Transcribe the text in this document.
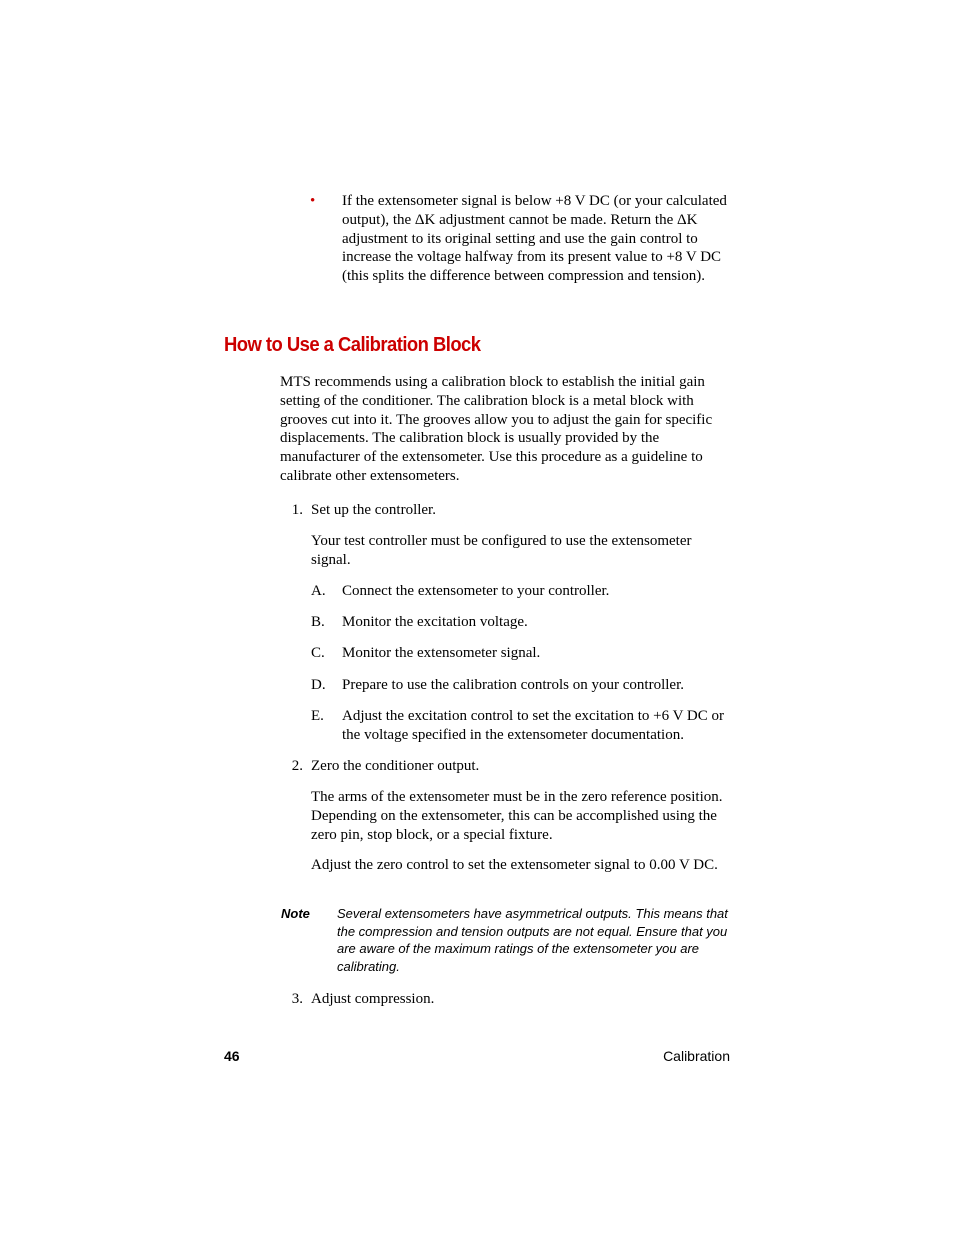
• If the extensometer signal is below +8 V DC (or your calculated output), the ΔK adjustment cannot be made. Return the ΔK adjustment to its original setting and use the gain control to increase the voltage halfway from its present value to +8 V DC (this splits the difference between compression and tension).
How to Use a Calibration Block
MTS recommends using a calibration block to establish the initial gain setting of the conditioner. The calibration block is a metal block with grooves cut into it. The grooves allow you to adjust the gain for specific displacements. The calibration block is usually provided by the manufacturer of the extensometer. Use this procedure as a guideline to calibrate other extensometers.
1. Set up the controller.
Your test controller must be configured to use the extensometer signal.
A.	Connect the extensometer to your controller.
B.	Monitor the excitation voltage.
C.	Monitor the extensometer signal.
D.	Prepare to use the calibration controls on your controller.
E.	Adjust the excitation control to set the excitation to +6 V DC or the voltage specified in the extensometer documentation.
2. Zero the conditioner output.
The arms of the extensometer must be in the zero reference position. Depending on the extensometer, this can be accomplished using the zero pin, stop block, or a special fixture.
Adjust the zero control to set the extensometer signal to 0.00 V DC.
Note Several extensometers have asymmetrical outputs. This means that the compression and tension outputs are not equal. Ensure that you are aware of the maximum ratings of the extensometer you are calibrating.
3. Adjust compression.
46	Calibration
